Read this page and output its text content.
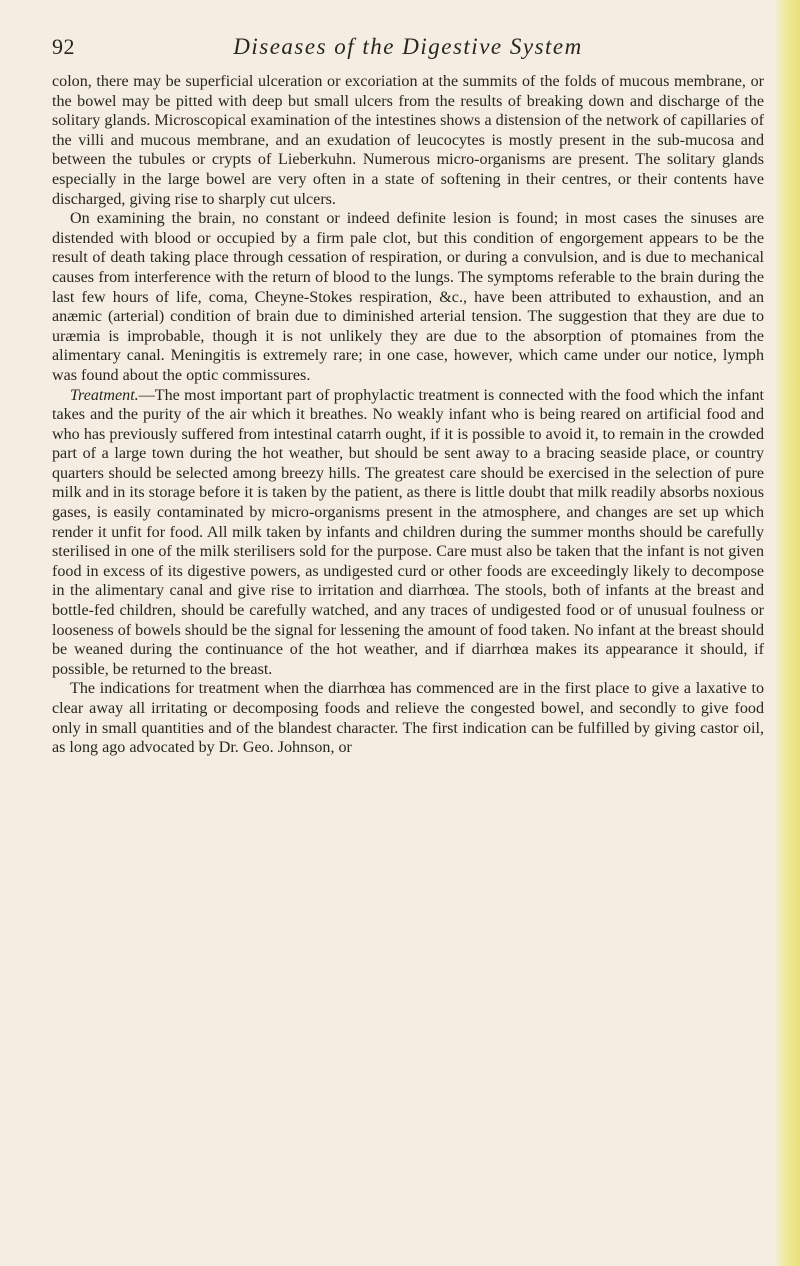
92	Diseases of the Digestive System

colon, there may be superficial ulceration or excoriation at the summits of the folds of mucous membrane, or the bowel may be pitted with deep but small ulcers from the results of breaking down and discharge of the solitary glands. Microscopical examination of the intestines shows a distension of the network of capillaries of the villi and mucous membrane, and an exudation of leucocytes is mostly present in the sub-mucosa and between the tubules or crypts of Lieberkuhn. Numerous micro-organisms are present. The solitary glands especially in the large bowel are very often in a state of softening in their centres, or their contents have discharged, giving rise to sharply cut ulcers.

On examining the brain, no constant or indeed definite lesion is found; in most cases the sinuses are distended with blood or occupied by a firm pale clot, but this condition of engorgement appears to be the result of death taking place through cessation of respiration, or during a convulsion, and is due to mechanical causes from interference with the return of blood to the lungs. The symptoms referable to the brain during the last few hours of life, coma, Cheyne-Stokes respiration, &c., have been attributed to exhaustion, and an anæmic (arterial) condition of brain due to diminished arterial tension. The suggestion that they are due to uræmia is improbable, though it is not unlikely they are due to the absorption of ptomaines from the alimentary canal. Meningitis is extremely rare; in one case, however, which came under our notice, lymph was found about the optic commissures.

Treatment.—The most important part of prophylactic treatment is connected with the food which the infant takes and the purity of the air which it breathes. No weakly infant who is being reared on artificial food and who has previously suffered from intestinal catarrh ought, if it is possible to avoid it, to remain in the crowded part of a large town during the hot weather, but should be sent away to a bracing seaside place, or country quarters should be selected among breezy hills. The greatest care should be exercised in the selection of pure milk and in its storage before it is taken by the patient, as there is little doubt that milk readily absorbs noxious gases, is easily contaminated by micro-organisms present in the atmosphere, and changes are set up which render it unfit for food. All milk taken by infants and children during the summer months should be carefully sterilised in one of the milk sterilisers sold for the purpose. Care must also be taken that the infant is not given food in excess of its digestive powers, as undigested curd or other foods are exceedingly likely to decompose in the alimentary canal and give rise to irritation and diarrhœa. The stools, both of infants at the breast and bottle-fed children, should be carefully watched, and any traces of undigested food or of unusual foulness or looseness of bowels should be the signal for lessening the amount of food taken. No infant at the breast should be weaned during the continuance of the hot weather, and if diarrhœa makes its appearance it should, if possible, be returned to the breast.

The indications for treatment when the diarrhœa has commenced are in the first place to give a laxative to clear away all irritating or decomposing foods and relieve the congested bowel, and secondly to give food only in small quantities and of the blandest character. The first indication can be fulfilled by giving castor oil, as long ago advocated by Dr. Geo. Johnson, or
